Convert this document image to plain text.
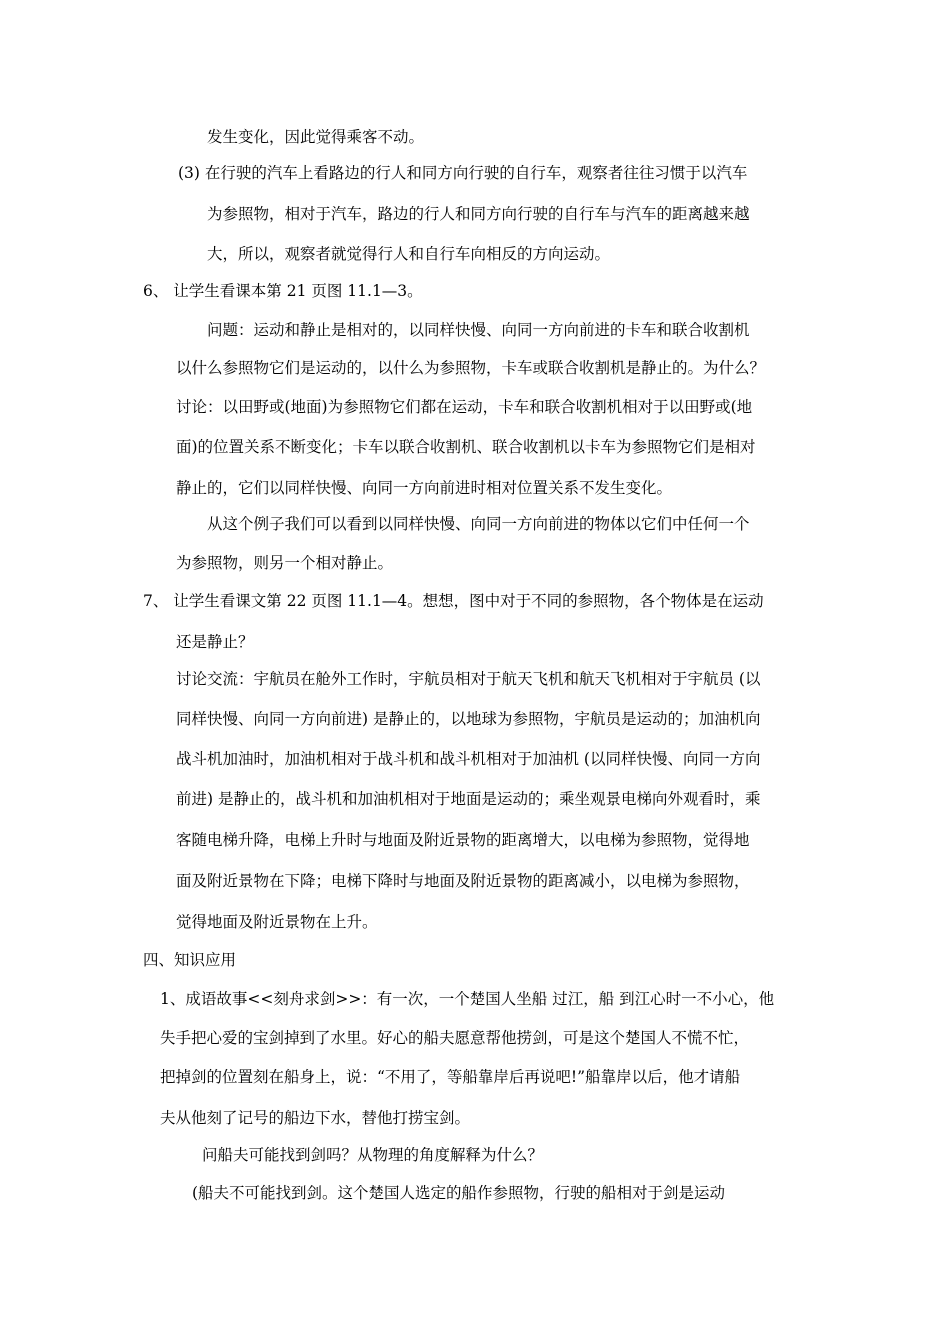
发生变化，因此觉得乘客不动。
(3) 在行驶的汽车上看路边的行人和同方向行驶的自行车，观察者往往习惯于以汽车
为参照物，相对于汽车，路边的行人和同方向行驶的自行车与汽车的距离越来越
大，所以，观察者就觉得行人和自行车向相反的方向运动。
6、 让学生看课本第 21 页图 11.1—3。
问题：运动和静止是相对的，以同样快慢、向同一方向前进的卡车和联合收割机
以什么参照物它们是运动的，以什么为参照物，卡车或联合收割机是静止的。为什么？
讨论：以田野或(地面)为参照物它们都在运动，卡车和联合收割机相对于以田野或(地
面)的位置关系不断变化；卡车以联合收割机、联合收割机以卡车为参照物它们是相对
静止的，它们以同样快慢、向同一方向前进时相对位置关系不发生变化。
从这个例子我们可以看到以同样快慢、向同一方向前进的物体以它们中任何一个
为参照物，则另一个相对静止。
7、 让学生看课文第 22 页图 11.1—4。想想，图中对于不同的参照物，各个物体是在运动
还是静止？
讨论交流：宇航员在舱外工作时，宇航员相对于航天飞机和航天飞机相对于宇航员 (以
同样快慢、向同一方向前进) 是静止的，以地球为参照物，宇航员是运动的；加油机向
战斗机加油时，加油机相对于战斗机和战斗机相对于加油机 (以同样快慢、向同一方向
前进) 是静止的，战斗机和加油机相对于地面是运动的；乘坐观景电梯向外观看时，乘
客随电梯升降，电梯上升时与地面及附近景物的距离增大，以电梯为参照物，觉得地
面及附近景物在下降；电梯下降时与地面及附近景物的距离减小，以电梯为参照物，
觉得地面及附近景物在上升。
四、知识应用
1、成语故事<<刻舟求剑>>：有一次，一个楚国人坐船 过江，船 到江心时一不小心，他
失手把心爱的宝剑掉到了水里。好心的船夫愿意帮他捞剑，可是这个楚国人不慌不忙，
把掉剑的位置刻在船身上，说：“不用了，等船靠岸后再说吧!”船靠岸以后，他才请船
夫从他刻了记号的船边下水，替他打捞宝剑。
问船夫可能找到剑吗？从物理的角度解释为什么？
(船夫不可能找到剑。这个楚国人选定的船作参照物，行驶的船相对于剑是运动
